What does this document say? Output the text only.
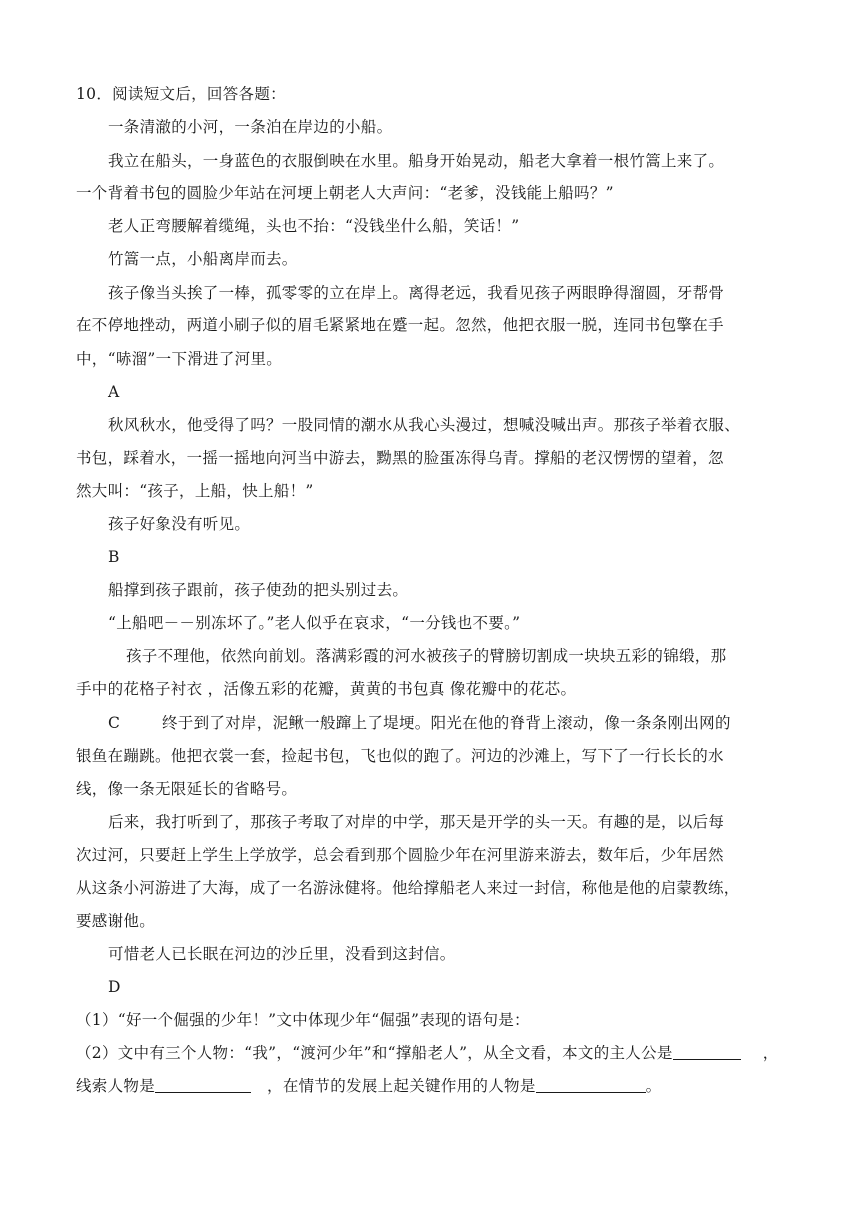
10．阅读短文后，回答各题：
一条清澈的小河，一条泊在岸边的小船。
我立在船头，一身蓝色的衣服倒映在水里。船身开始晃动，船老大拿着一根竹篙上来了。
一个背着书包的圆脸少年站在河埂上朝老人大声问：“老爹，没钱能上船吗？”
老人正弯腰解着缆绳，头也不抬：“没钱坐什么船，笑话！”
竹篙一点，小船离岸而去。
孩子像当头挨了一棒，孤零零的立在岸上。离得老远，我看见孩子两眼睁得溜圆，牙帮骨
在不停地挫动，两道小刷子似的眉毛紧紧地在蹙一起。忽然，他把衣服一脱，连同书包擎在手
中，“哧溜”一下滑进了河里。
A
秋风秋水，他受得了吗？一股同情的潮水从我心头漫过，想喊没喊出声。那孩子举着衣服、
书包，踩着水，一摇一摇地向河当中游去，黝黑的脸蛋冻得乌青。撑船的老汉愣愣的望着，忽
然大叫：“孩子，上船，快上船！”
孩子好象没有听见。
B
船撑到孩子跟前，孩子使劲的把头别过去。
“上船吧－－别冻坏了。”老人似乎在哀求，“一分钱也不要。”
孩子不理他，依然向前划。落满彩霞的河水被孩子的臂膀切割成一块块五彩的锦缎，那
手中的花格子衬衣 ，活像五彩的花瓣，黄黄的书包真 像花瓣中的花芯。
C        终于到了对岸，泥鳅一般蹿上了堤埂。阳光在他的脊背上滚动，像一条条刚出网的
银鱼在蹦跳。他把衣裳一套，捡起书包，飞也似的跑了。河边的沙滩上，写下了一行长长的水
线，像一条无限延长的省略号。
后来，我打听到了，那孩子考取了对岸的中学，那天是开学的头一天。有趣的是，以后每
次过河，只要赶上学生上学放学，总会看到那个圆脸少年在河里游来游去，数年后，少年居然
从这条小河游进了大海，成了一名游泳健将。他给撑船老人来过一封信，称他是他的启蒙教练，
要感谢他。
可惜老人已长眠在河边的沙丘里，没看到这封信。
D
（1）“好一个倔强的少年！”文中体现少年“倔强”表现的语句是：
（2）文中有三个人物：“我”，“渡河少年”和“撑船老人”，从全文看，本文的主人公是	，
线索人物是	，在情节的发展上起关键作用的人物是	。
